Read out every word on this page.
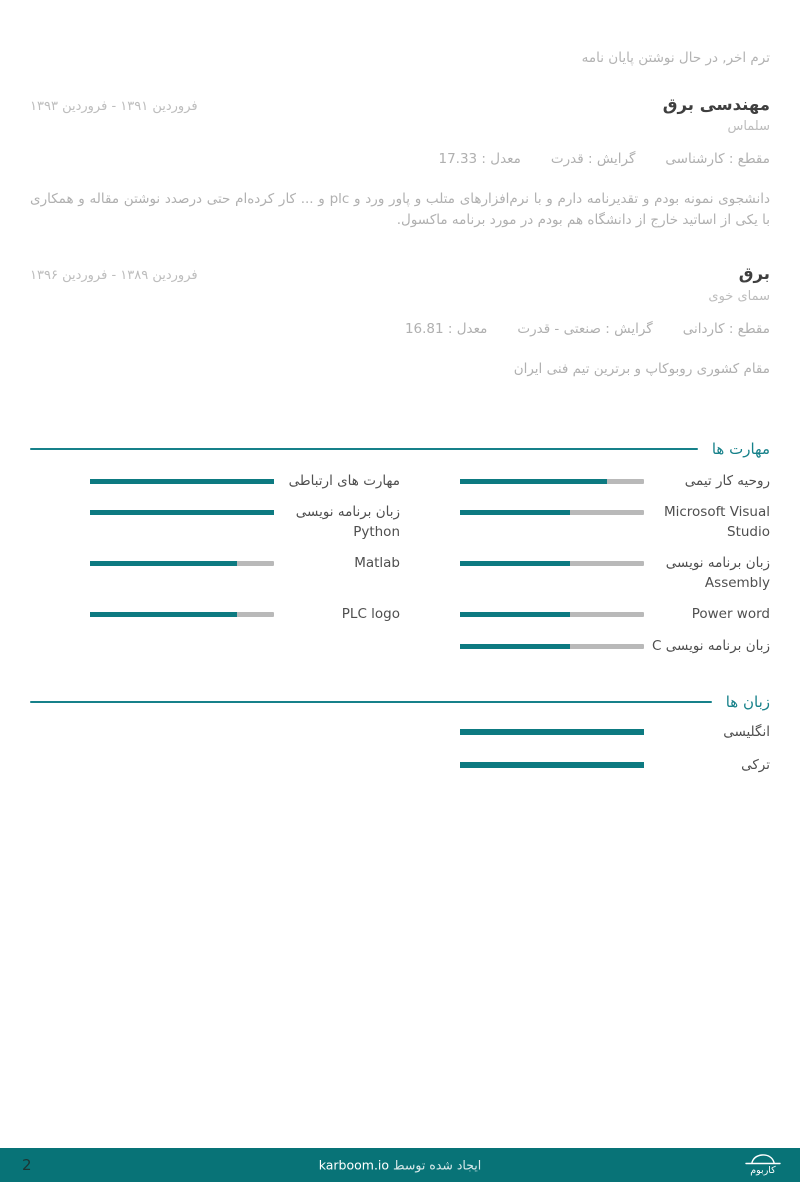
ترم اخر, در حال نوشتن پایان نامه
فروردین ۱۳۹۱ - فروردین ۱۳۹۳	مهندسی برق
سلماس
مقطع : کارشناسی
گرایش : قدرت
معدل : 17.33
دانشجوی نمونه بودم و تقدیرنامه دارم و با نرم‌افزارهای متلب و پاور ورد و plc و ... کار کرده‌ام حتی درصدد نوشتن مقاله و همکاری با یکی از اساتید خارج از دانشگاه هم بودم در مورد برنامه ماکسول.
فروردین ۱۳۸۹ - فروردین ۱۳۹۶	برق
سمای خوی
مقطع : کاردانی
گرایش : صنعتی - قدرت
معدل : 16.81
مقام کشوری روبوکاپ و برترین تیم فنی ایران
مهارت ها
روحیه کار تیمی
مهارت های ارتباطی
Microsoft Visual Studio
زبان برنامه نویسی Python
زبان برنامه نویسی Assembly
Matlab
Power word
PLC logo
زبان برنامه نویسی C
زبان ها
انگلیسی
ترکی
2	ایجاد شده توسط karboom.io	کاربوم
